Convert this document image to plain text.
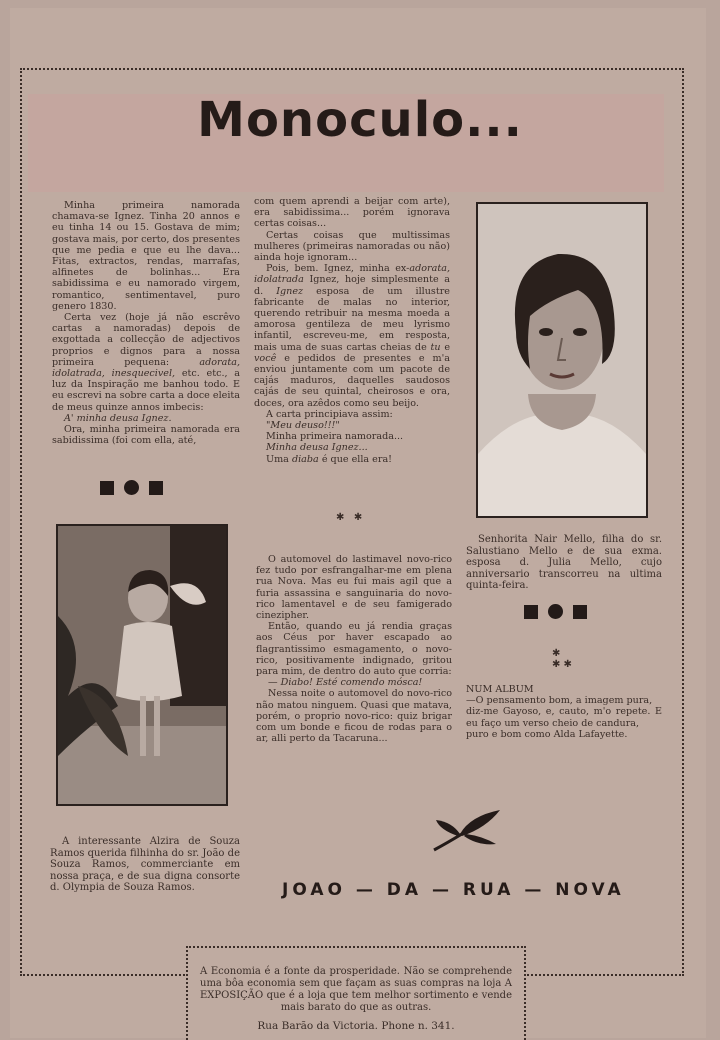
Monoculo...

Minha primeira namorada chamava-se Ignez. Tinha 20 annos e eu tinha 14 ou 15. Gostava de mim; gostava mais, por certo, dos presentes que me pedia e que eu lhe dava... Fitas, extractos, rendas, marrafas, alfinetes de bolinhas... Era sabidissima e eu namorado virgem, romantico, sentimentavel, puro genero 1830.

Certa vez (hoje já não escrêvo cartas a namoradas) depois de exgottada a collecção de adjectivos proprios e dignos para a nossa primeira pequena:	adorata, idolatrada, inesquecivel, etc. etc., a luz da Inspiração me banhou todo. E eu escrevi na sobre carta a doce eleita de meus quinze annos imbecis:

A' minha deusa Ignez.

Ora, minha primeira namorada era sabidissima (foi com ella, até,

com quem aprendi a beijar com arte), era sabidissima... porém ignorava certas coisas...

Certas coisas que multissimas mulheres (primeiras namoradas ou não) ainda hoje ignoram...

Pois, bem. Ignez, minha ex-adorata, idolatrada Ignez, hoje simplesmente a d. Ignez esposa de um illustre fabricante de malas no interior, querendo retribuir na mesma moeda a amorosa gentileza de meu lyrismo infantil, escreveu-me, em resposta, mais uma de suas cartas cheias de tu e você e pedidos de presentes e m'a enviou juntamente com um pacote de cajás maduros, daquelles saudosos cajás de seu quintal, cheirosos e ora, doces, ora azêdos como seu beijo.

A carta principiava assim:

"Meu deuso!!!"

Minha primeira namorada...

Minha deusa Ignez...

Uma diaba é que ella era!

✱   ✱

O automovel do lastimavel novo-rico fez tudo por esfrangalhar-me em plena rua Nova. Mas eu fui mais agil que a furia assassina e sanguinaria do novo-rico lamentavel e de seu famigerado cinezipher.

Então, quando eu já rendia graças aos Céus por haver escapado ao flagrantissimo esmagamento, o novo-rico, positivamente indignado, gritou para mim, de dentro do auto que corria:

— Diabo! Esté comendo mósca!

Nessa noite o automovel do novo-rico não matou ninguem. Quasi que matava, porém, o proprio novo-rico: quiz brigar com um bonde e ficou de rodas para o ar, alli perto da Tacaruna...

Senhorita Nair Mello, filha do sr. Salustiano Mello e de sua exma. esposa d. Julia Mello, cujo anniversario transcorreu na ultima quinta-feira.

✱
✱ ✱

NUM ALBUM

—O pensamento bom, a imagem pura,

diz-me Gayoso, e, cauto, m'o repete. E eu faço um verso cheio de candura,

puro e bom como Alda Lafayette.

A interessante Alzira de Souza Ramos querida filhinha do sr. João de Souza Ramos, commerciante em nossa praça, e de sua digna consorte d. Olympia de Souza Ramos.	JOAO — DA — RUA — NOVA
A Economia é a fonte da prosperidade. Não se comprehende uma bôa economia sem que façam as suas compras na loja A EXPOSIÇÃO que é a loja que tem melhor sortimento e vende mais barato do que as outras.
Rua Barão da Victoria. Phone n. 341.
